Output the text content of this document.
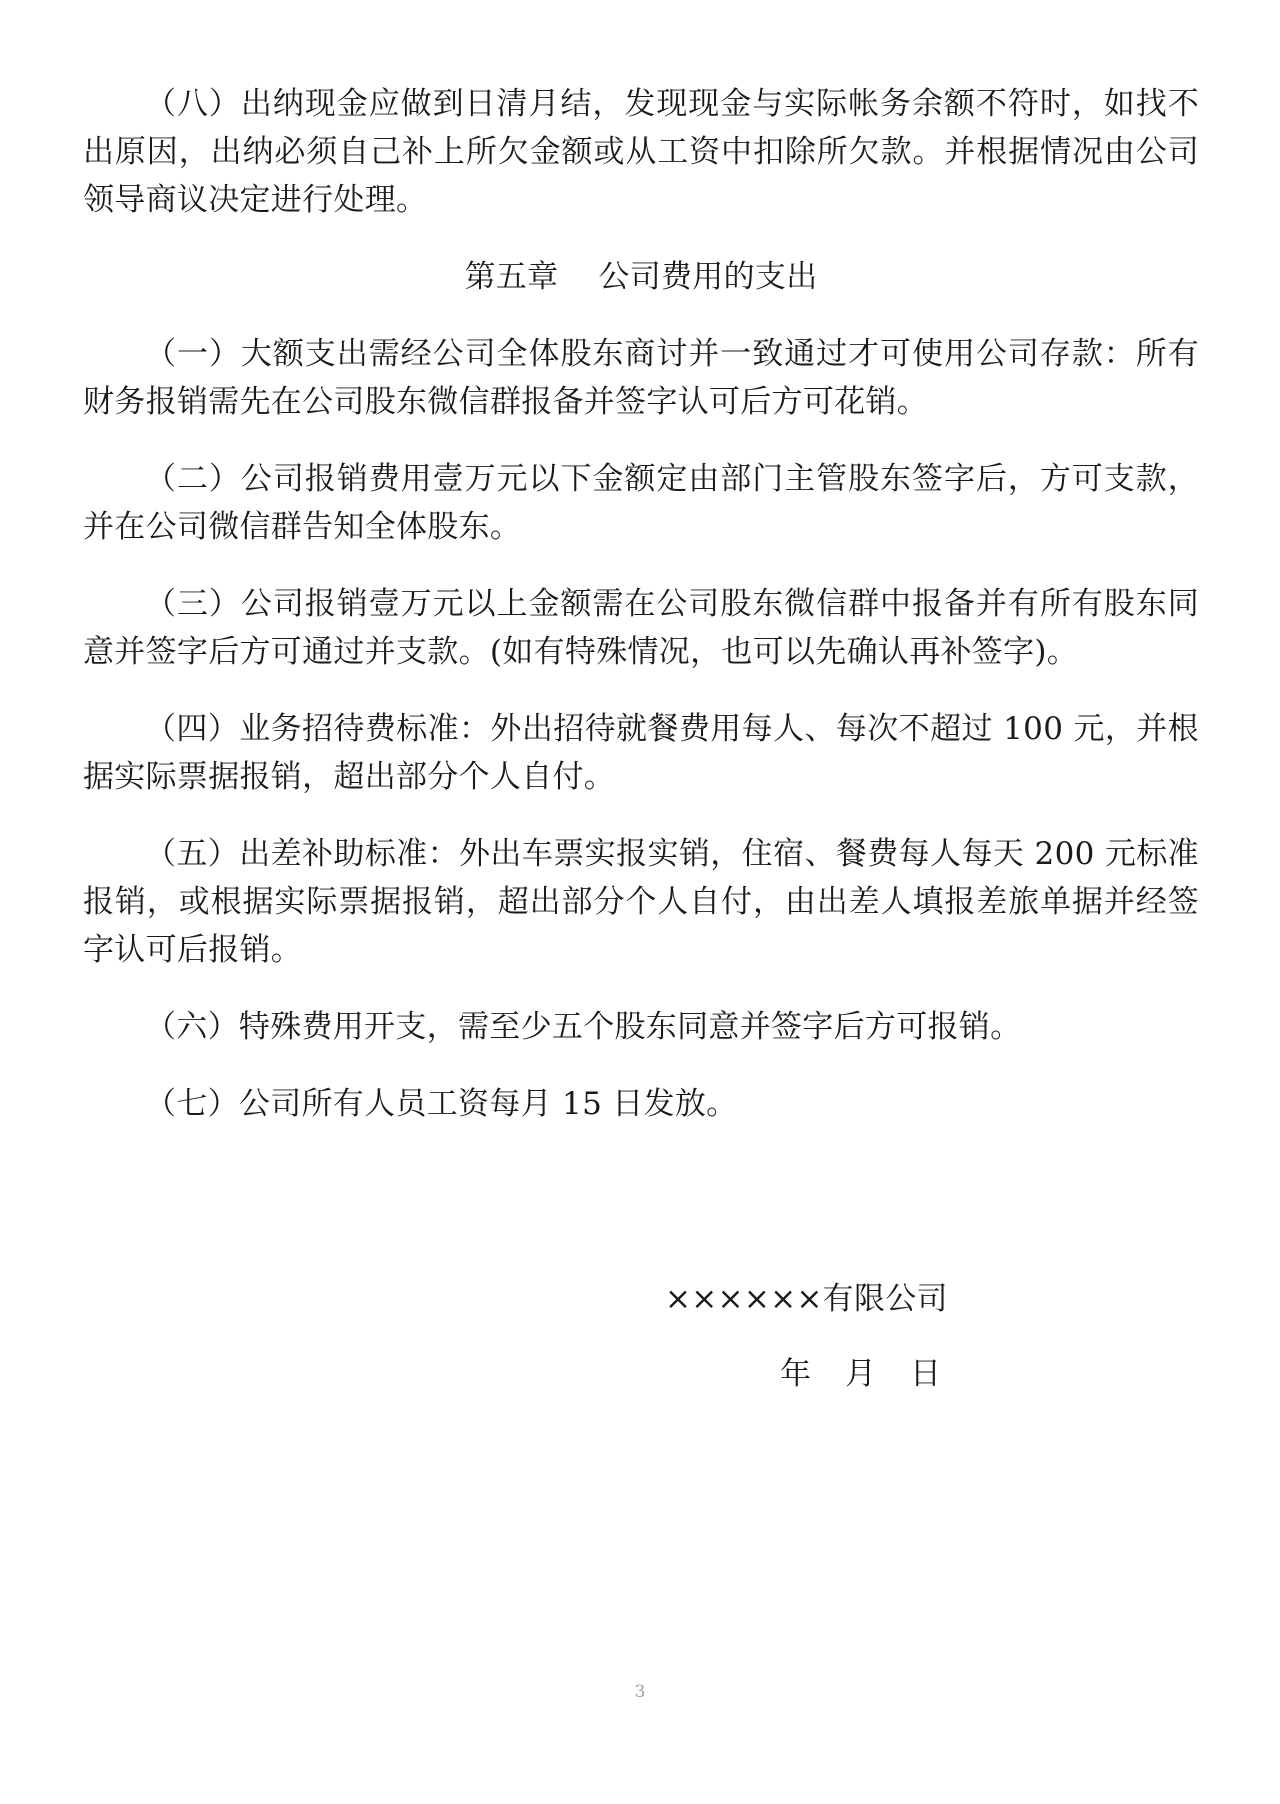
（八）出纳现金应做到日清月结，发现现金与实际帐务余额不符时，如找不出原因，出纳必须自己补上所欠金额或从工资中扣除所欠款。并根据情况由公司领导商议决定进行处理。

第五章 公司费用的支出

（一）大额支出需经公司全体股东商讨并一致通过才可使用公司存款：所有财务报销需先在公司股东微信群报备并签字认可后方可花销。

（二）公司报销费用壹万元以下金额定由部门主管股东签字后，方可支款，并在公司微信群告知全体股东。

（三）公司报销壹万元以上金额需在公司股东微信群中报备并有所有股东同意并签字后方可通过并支款。(如有特殊情况，也可以先确认再补签字)。

（四）业务招待费标准：外出招待就餐费用每人、每次不超过 100 元，并根据实际票据报销，超出部分个人自付。

（五）出差补助标准：外出车票实报实销，住宿、餐费每人每天 200 元标准报销，或根据实际票据报销，超出部分个人自付，由出差人填报差旅单据并经签字认可后报销。

（六）特殊费用开支，需至少五个股东同意并签字后方可报销。

（七）公司所有人员工资每月 15 日发放。

××××××有限公司
年 月 日
3
